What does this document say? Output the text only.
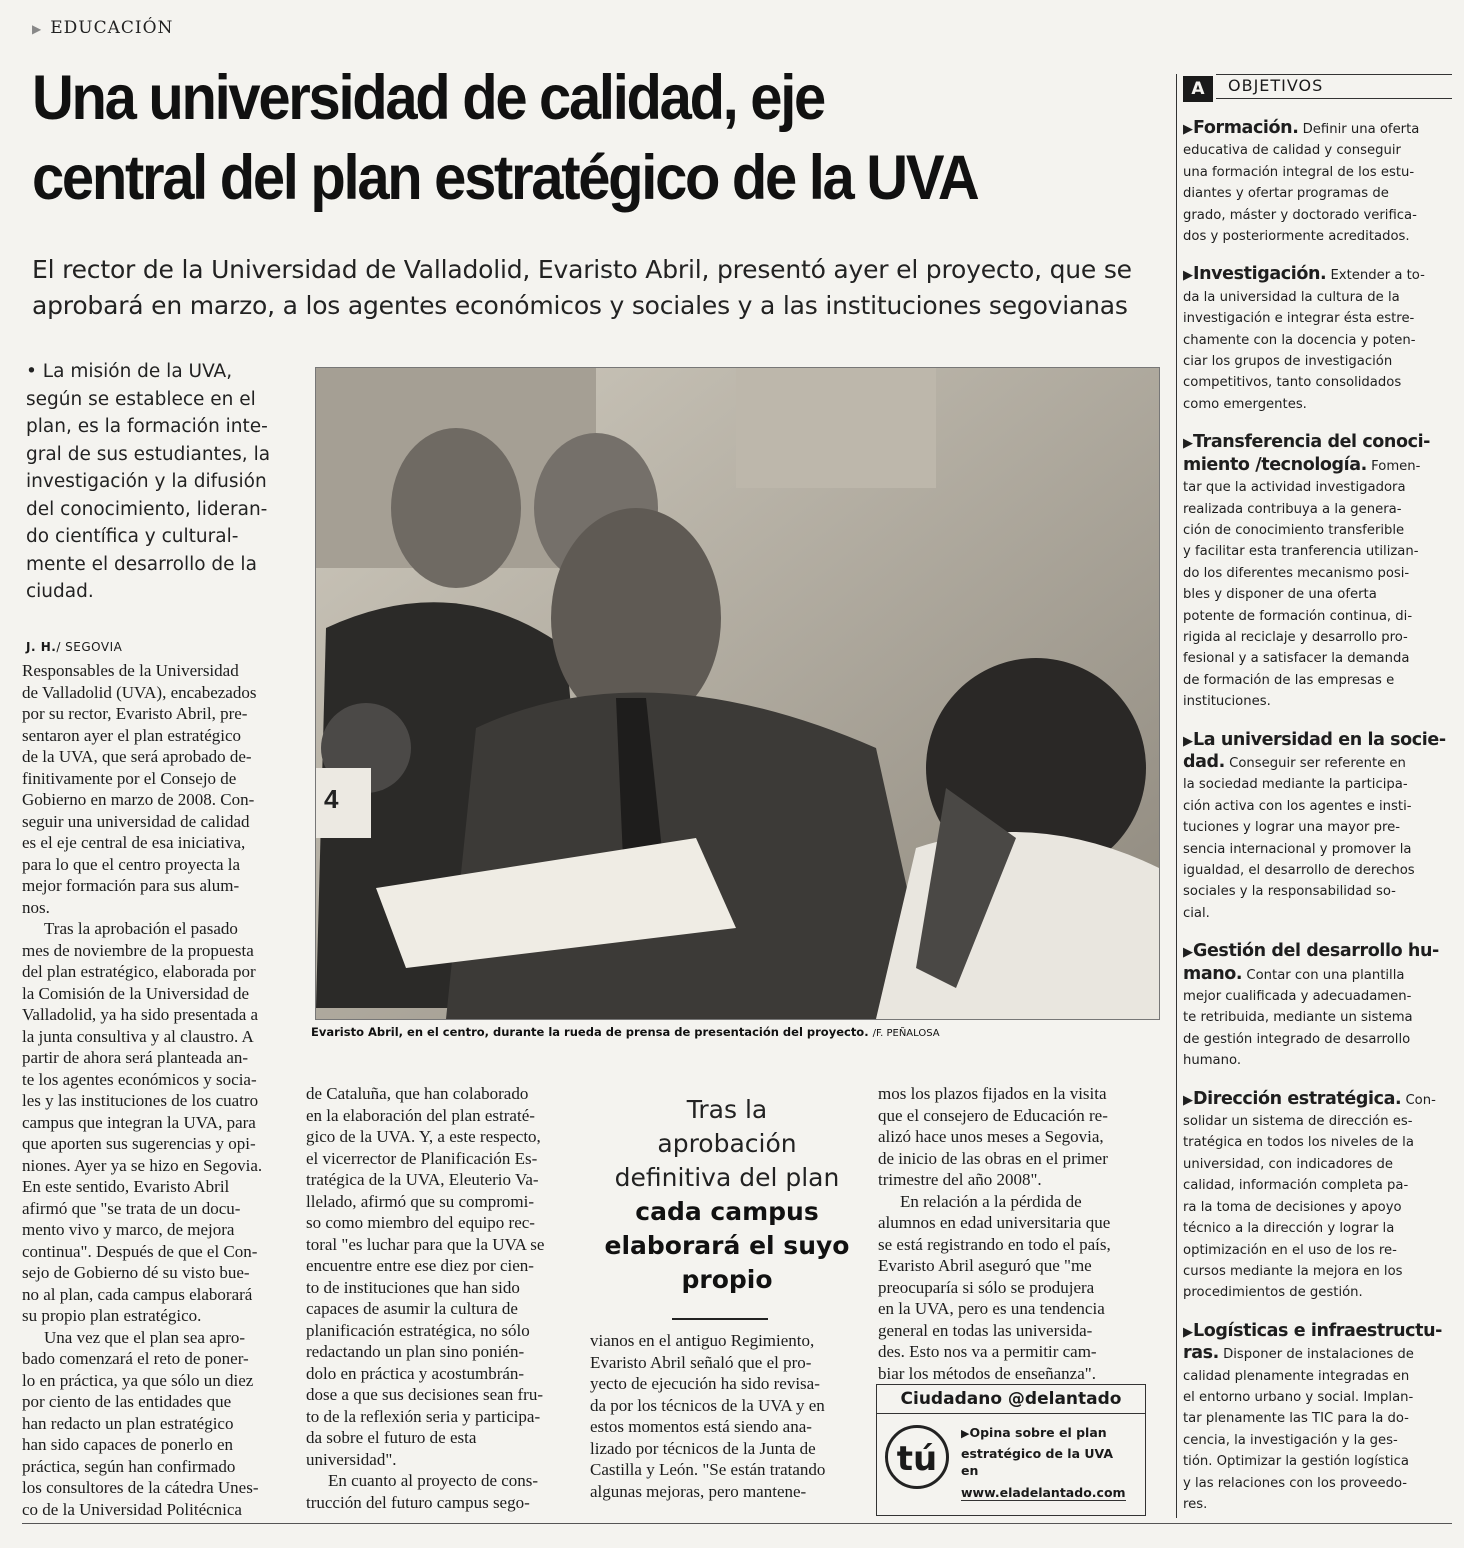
▶ EDUCACIÓN
Una universidad de calidad, eje
central del plan estratégico de la UVA
El rector de la Universidad de Valladolid, Evaristo Abril, presentó ayer el proyecto, que se
aprobará en marzo, a los agentes económicos y sociales y a las instituciones segovianas
• La misión de la UVA,
según se establece en el
plan, es la formación inte-
gral de sus estudiantes, la
investigación y la difusión
del conocimiento, lideran-
do científica y cultural-
mente el desarrollo de la
ciudad.
J. H./ SEGOVIA
Responsables de la Universidad
de Valladolid (UVA), encabezados
por su rector, Evaristo Abril, pre-
sentaron ayer el plan estratégico
de la UVA, que será aprobado de-
finitivamente por el Consejo de
Gobierno en marzo de 2008. Con-
seguir una universidad de calidad
es el eje central de esa iniciativa,
para lo que el centro proyecta la
mejor formación para sus alum-
nos.
Tras la aprobación el pasado
mes de noviembre de la propuesta
del plan estratégico, elaborada por
la Comisión de la Universidad de
Valladolid, ya ha sido presentada a
la junta consultiva y al claustro. A
partir de ahora será planteada an-
te los agentes económicos y socia-
les y las instituciones de los cuatro
campus que integran la UVA, para
que aporten sus sugerencias y opi-
niones. Ayer ya se hizo en Segovia.
En este sentido, Evaristo Abril
afirmó que "se trata de un docu-
mento vivo y marco, de mejora
continua". Después de que el Con-
sejo de Gobierno dé su visto bue-
no al plan, cada campus elaborará
su propio plan estratégico.
Una vez que el plan sea apro-
bado comenzará el reto de poner-
lo en práctica, ya que sólo un diez
por ciento de las entidades que
han redacto un plan estratégico
han sido capaces de ponerlo en
práctica, según han confirmado
los consultores de la cátedra Unes-
co de la Universidad Politécnica
de Cataluña, que han colaborado
en la elaboración del plan estraté-
gico de la UVA. Y, a este respecto,
el vicerrector de Planificación Es-
tratégica de la UVA, Eleuterio Va-
llelado, afirmó que su compromi-
so como miembro del equipo rec-
toral "es luchar para que la UVA se
encuentre entre ese diez por cien-
to de instituciones que han sido
capaces de asumir la cultura de
planificación estratégica, no sólo
redactando un plan sino ponién-
dolo en práctica y acostumbrán-
dose a que sus decisiones sean fru-
to de la reflexión seria y participa-
da sobre el futuro de esta
universidad".
En cuanto al proyecto de cons-
trucción del futuro campus sego-
vianos en el antiguo Regimiento,
Evaristo Abril señaló que el pro-
yecto de ejecución ha sido revisa-
da por los técnicos de la UVA y en
estos momentos está siendo ana-
lizado por técnicos de la Junta de
Castilla y León. "Se están tratando
algunas mejoras, pero mantene-
mos los plazos fijados en la visita
que el consejero de Educación re-
alizó hace unos meses a Segovia,
de inicio de las obras en el primer
trimestre del año 2008".
En relación a la pérdida de
alumnos en edad universitaria que
se está registrando en todo el país,
Evaristo Abril aseguró que "me
preocuparía si sólo se produjera
en la UVA, pero es una tendencia
general en todas las universida-
des. Esto nos va a permitir cam-
biar los métodos de enseñanza".
4
Evaristo Abril, en el centro, durante la rueda de prensa de presentación del proyecto. /F. PEÑALOSA
Tras la
aprobación
definitiva del plan
cada campus
elaborará el suyo
propio
Ciudadano @delantado
tú
▶Opina sobre el plan
estratégico de la UVA
en
www.eladelantado.com
A	OBJETIVOS
▶Formación. Definir una oferta
educativa de calidad y conseguir
una formación integral de los estu-
diantes y ofertar programas de
grado, máster y doctorado verifica-
dos y posteriormente acreditados.
▶Investigación. Extender a to-
da la universidad la cultura de la
investigación e integrar ésta estre-
chamente con la docencia y poten-
ciar los grupos de investigación
competitivos, tanto consolidados
como emergentes.
▶Transferencia del conoci-
miento /tecnología. Fomen-
tar que la actividad investigadora
realizada contribuya a la genera-
ción de conocimiento transferible
y facilitar esta tranferencia utilizan-
do los diferentes mecanismo posi-
bles y disponer de una oferta
potente de formación continua, di-
rigida al reciclaje y desarrollo pro-
fesional y a satisfacer la demanda
de formación de las empresas e
instituciones.
▶La universidad en la socie-
dad. Conseguir ser referente en
la sociedad mediante la participa-
ción activa con los agentes e insti-
tuciones y lograr una mayor pre-
sencia internacional y promover la
igualdad, el desarrollo de derechos
sociales y la responsabilidad so-
cial.
▶Gestión del desarrollo hu-
mano. Contar con una plantilla
mejor cualificada y adecuadamen-
te retribuida, mediante un sistema
de gestión integrado de desarrollo
humano.
▶Dirección estratégica. Con-
solidar un sistema de dirección es-
tratégica en todos los niveles de la
universidad, con indicadores de
calidad, información completa pa-
ra la toma de decisiones y apoyo
técnico a la dirección y lograr la
optimización en el uso de los re-
cursos mediante la mejora en los
procedimientos de gestión.
▶Logísticas e infraestructu-
ras. Disponer de instalaciones de
calidad plenamente integradas en
el entorno urbano y social. Implan-
tar plenamente las TIC para la do-
cencia, la investigación y la ges-
tión. Optimizar la gestión logística
y las relaciones con los proveedo-
res.
